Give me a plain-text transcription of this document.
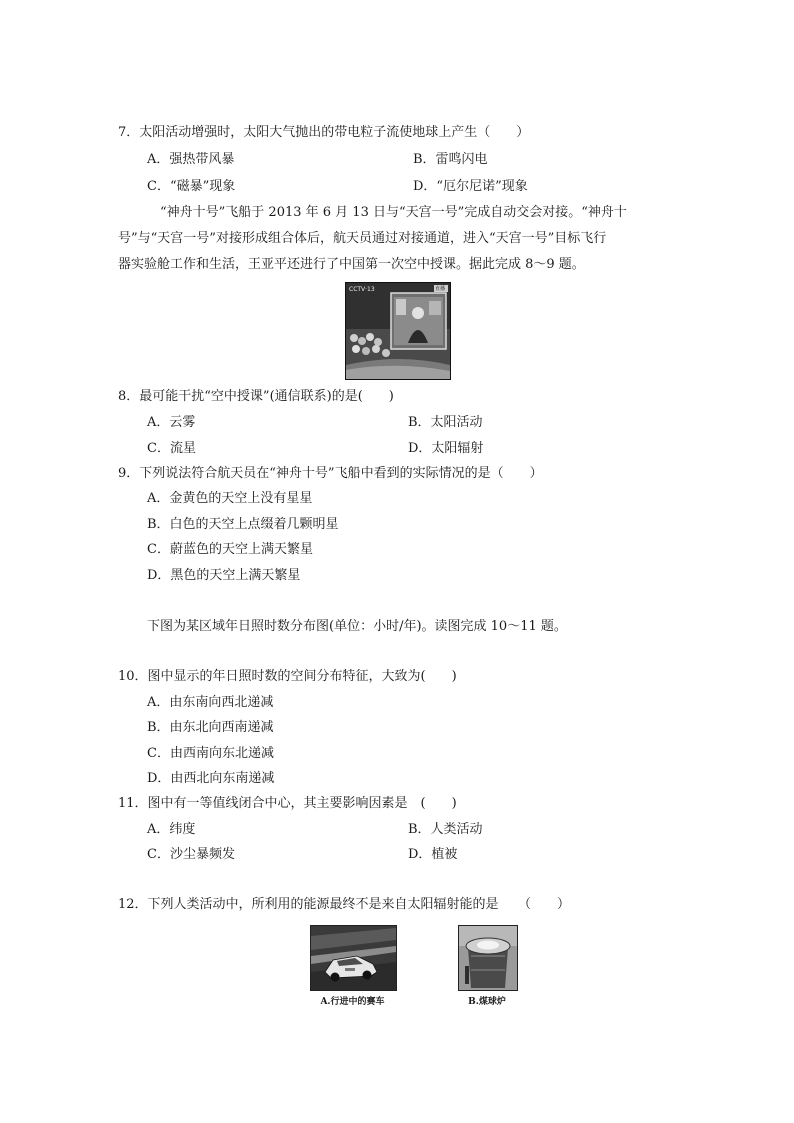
7．太阳活动增强时，太阳大气抛出的带电粒子流使地球上产生（　　）
A．强热带风暴	B．雷鸣闪电
C．“磁暴”现象	D．“厄尔尼诺”现象
“神舟十号”飞船于 2013 年 6 月 13 日与“天宫一号”完成自动交会对接。“神舟十
号”与“天宫一号”对接形成组合体后，航天员通过对接通道，进入“天宫一号”目标飞行
器实验舱工作和生活，王亚平还进行了中国第一次空中授课。据此完成 8～9 题。
CCTV·13	直播
8．最可能干扰“空中授课”(通信联系)的是(　　)
A．云雾	B．太阳活动
C．流星	D．太阳辐射
9．下列说法符合航天员在“神舟十号”飞船中看到的实际情况的是（　　）
A．金黄色的天空上没有星星
B．白色的天空上点缀着几颗明星
C．蔚蓝色的天空上满天繁星
D．黑色的天空上满天繁星
下图为某区域年日照时数分布图(单位：小时/年)。读图完成 10～11 题。
10．图中显示的年日照时数的空间分布特征，大致为(　　)
A．由东南向西北递减
B．由东北向西南递减
C．由西南向东北递减
D．由西北向东南递减
11．图中有一等值线闭合中心，其主要影响因素是　(　　)
A．纬度	B．人类活动
C．沙尘暴频发	D．植被
12．下列人类活动中，所利用的能源最终不是来自太阳辐射能的是　　（　　）
A.行进中的赛车	B.煤球炉
